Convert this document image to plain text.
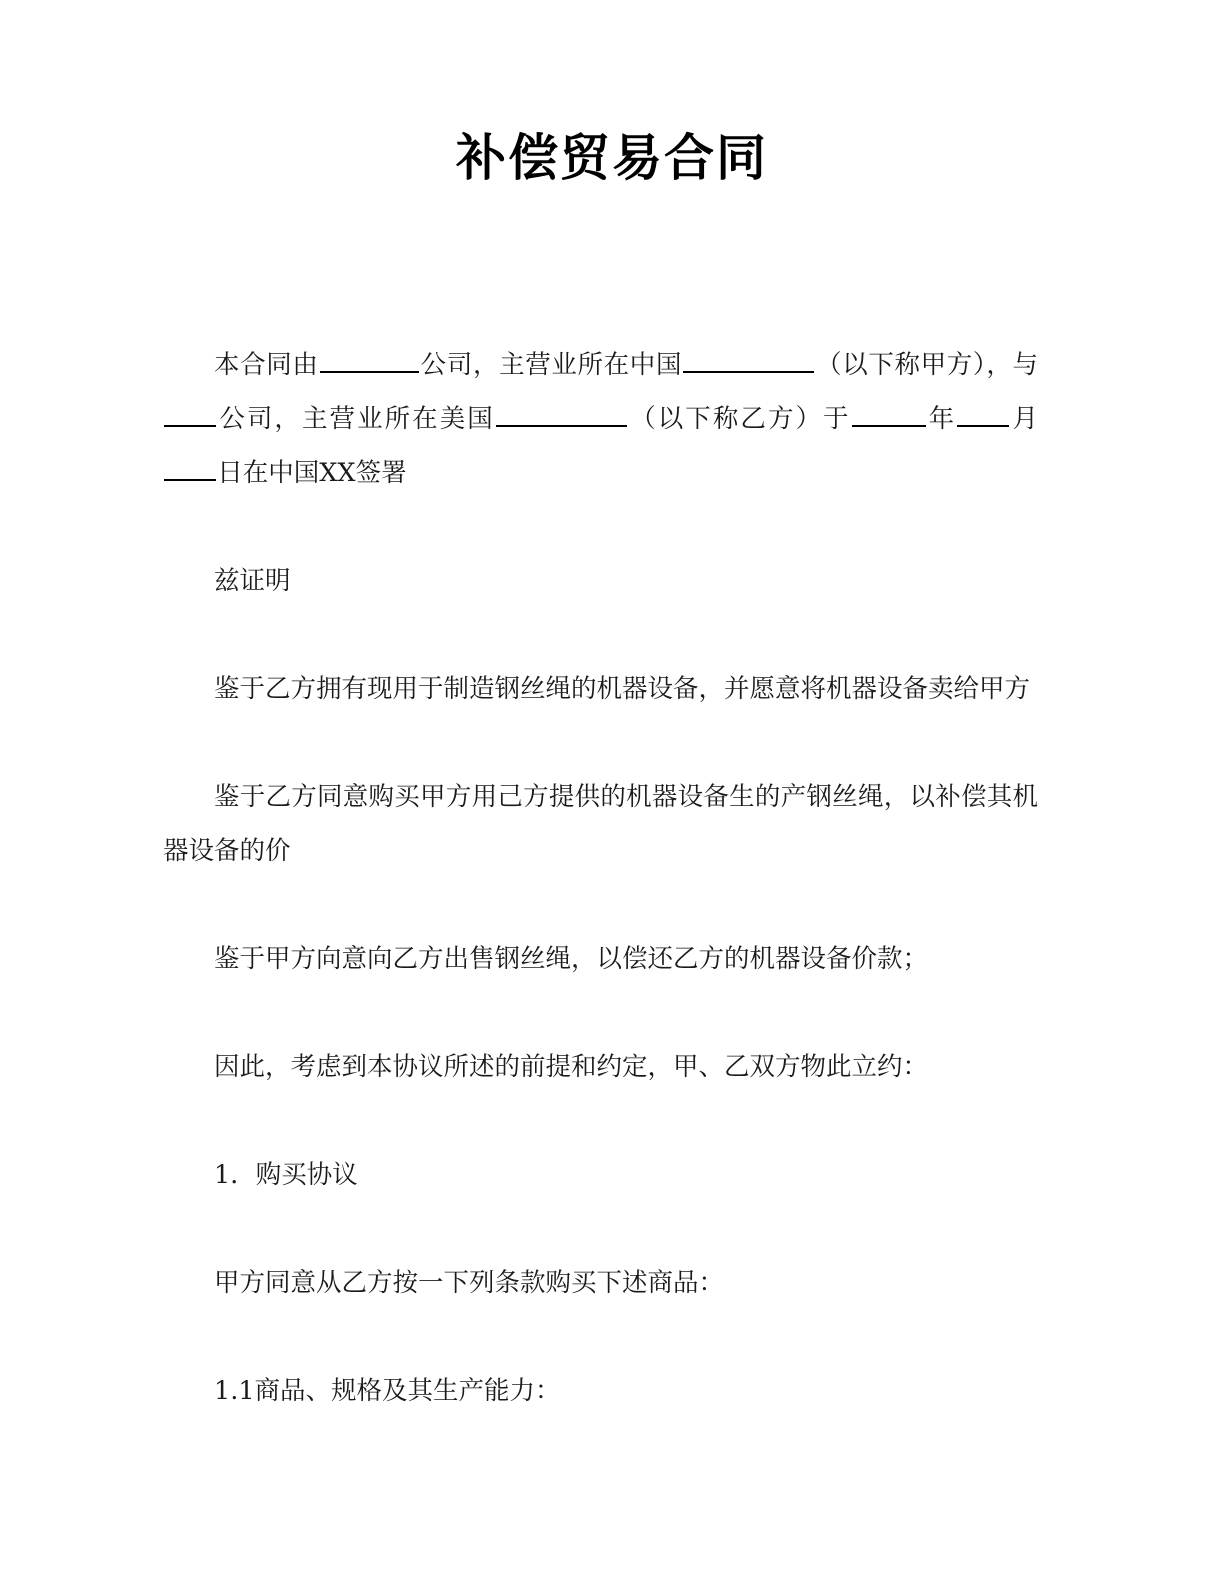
补偿贸易合同

本合同由	公司，主营业所在中国	（以下称甲方），与公司，主营业所在美国	（以下称乙方）于	年 月日在中国XX签署

兹证明

鉴于乙方拥有现用于制造钢丝绳的机器设备，并愿意将机器设备卖给甲方

鉴于乙方同意购买甲方用己方提供的机器设备生的产钢丝绳，以补偿其机器设备的价

鉴于甲方向意向乙方出售钢丝绳，以偿还乙方的机器设备价款；

因此，考虑到本协议所述的前提和约定，甲、乙双方物此立约：

1．购买协议

甲方同意从乙方按一下列条款购买下述商品：

1.1商品、规格及其生产能力：
